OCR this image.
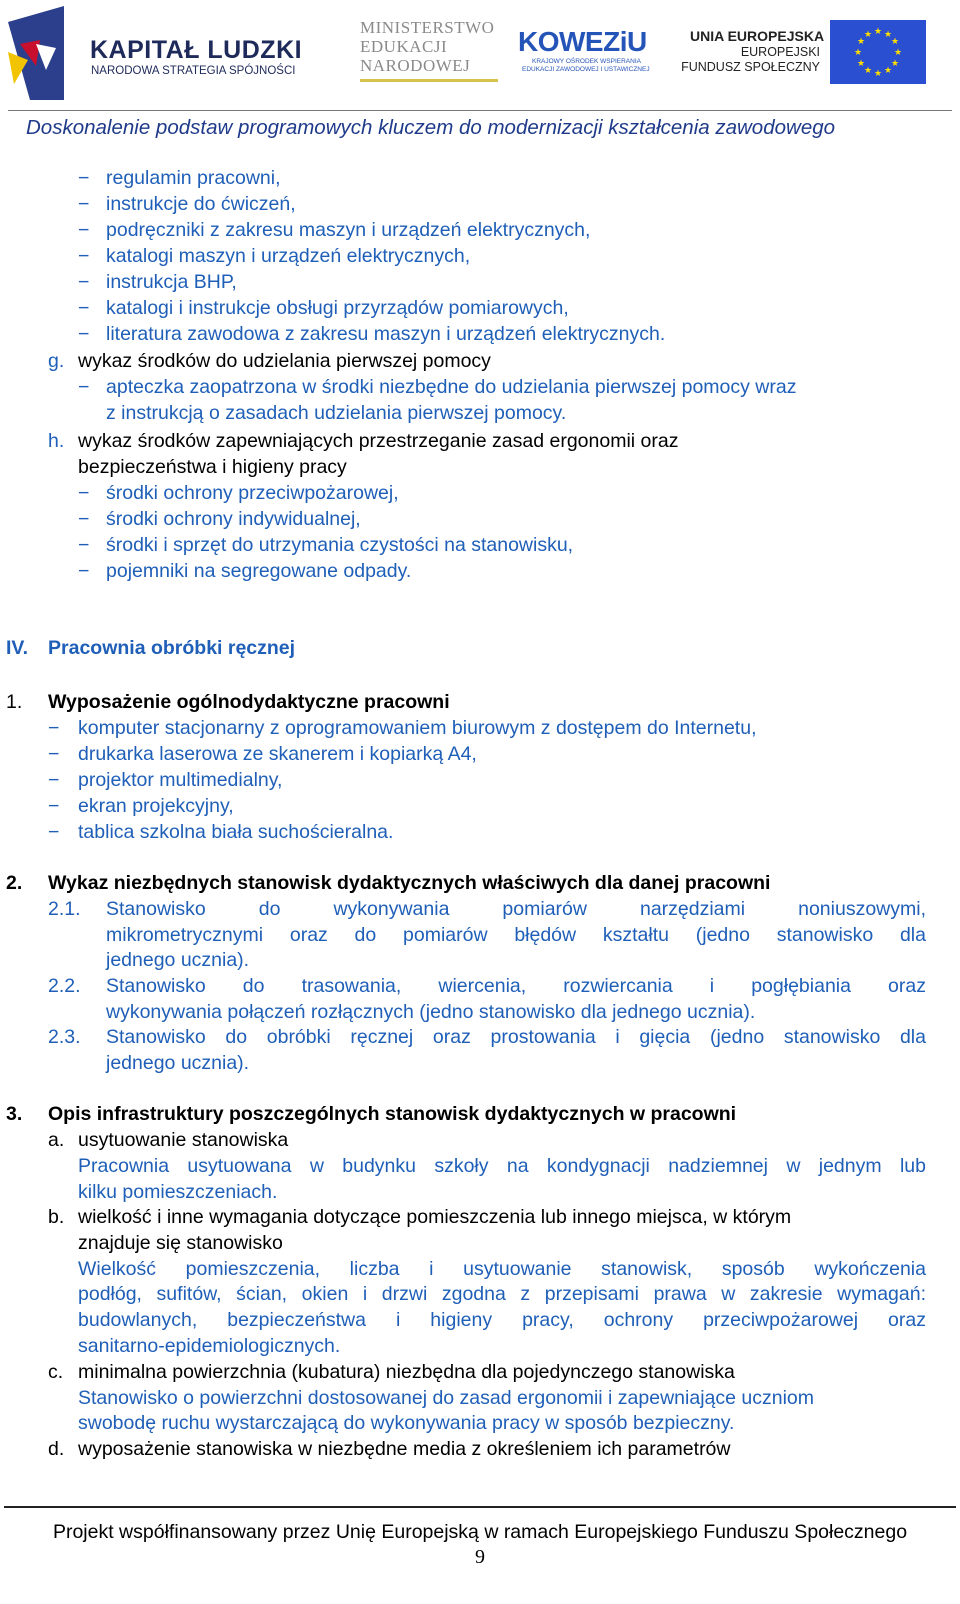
KAPITAŁ LUDZKI
NARODOWA STRATEGIA SPÓJNOŚCI
MINISTERSTWO
EDUKACJI
NARODOWEJ
KOWEZiU
KRAJOWY OŚRODEK WSPIERANIA
EDUKACJI ZAWODOWEJ I USTAWICZNEJ
UNIA EUROPEJSKA
EUROPEJSKI
FUNDUSZ SPOŁECZNY
★ ★
★
★
★
★
★
★
★
★
★
★
Doskonalenie podstaw programowych kluczem do modernizacji kształcenia zawodowego
− regulamin pracowni,
− instrukcje do ćwiczeń,
− podręczniki z zakresu maszyn i urządzeń elektrycznych,
− katalogi maszyn i urządzeń elektrycznych,
− instrukcja BHP,
− katalogi i instrukcje obsługi przyrządów pomiarowych,
− literatura zawodowa z zakresu maszyn i urządzeń elektrycznych.
g. wykaz środków do udzielania pierwszej pomocy
− apteczka zaopatrzona w środki niezbędne do udzielania pierwszej pomocy wraz
z instrukcją o zasadach udzielania pierwszej pomocy.
h. wykaz środków zapewniających przestrzeganie zasad ergonomii oraz
bezpieczeństwa i higieny pracy
− środki ochrony przeciwpożarowej,
− środki ochrony indywidualnej,
− środki i sprzęt do utrzymania czystości na stanowisku,
− pojemniki na segregowane odpady.
IV. Pracownia obróbki ręcznej
1. Wyposażenie ogólnodydaktyczne pracowni
− komputer stacjonarny z oprogramowaniem biurowym z dostępem do Internetu,
− drukarka laserowa ze skanerem i kopiarką A4,
− projektor multimedialny,
− ekran projekcyjny,
− tablica szkolna biała suchościeralna.
2. Wykaz niezbędnych stanowisk dydaktycznych właściwych dla danej pracowni
2.1. Stanowisko do wykonywania pomiarów narzędziami noniuszowymi,
mikrometrycznymi oraz do pomiarów błędów kształtu (jedno stanowisko dla
jednego ucznia).
2.2. Stanowisko do trasowania, wiercenia, rozwiercania i pogłębiania oraz
wykonywania połączeń rozłącznych (jedno stanowisko dla jednego ucznia).
2.3. Stanowisko do obróbki ręcznej oraz prostowania i gięcia (jedno stanowisko dla
jednego ucznia).
3. Opis infrastruktury poszczególnych stanowisk dydaktycznych w pracowni
a. usytuowanie stanowiska
Pracownia usytuowana w budynku szkoły na kondygnacji nadziemnej w jednym lub
kilku pomieszczeniach.
b. wielkość i inne wymagania dotyczące pomieszczenia lub innego miejsca, w którym
znajduje się stanowisko
Wielkość pomieszczenia, liczba i usytuowanie stanowisk, sposób wykończenia
podłóg, sufitów, ścian, okien i drzwi zgodna z przepisami prawa w zakresie wymagań:
budowlanych, bezpieczeństwa i higieny pracy, ochrony przeciwpożarowej oraz
sanitarno-epidemiologicznych.
c. minimalna powierzchnia (kubatura) niezbędna dla pojedynczego stanowiska
Stanowisko o powierzchni dostosowanej do zasad ergonomii i zapewniające uczniom
swobodę ruchu wystarczającą do wykonywania pracy w sposób bezpieczny.
d. wyposażenie stanowiska w niezbędne media z określeniem ich parametrów
Projekt współfinansowany przez Unię Europejską w ramach Europejskiego Funduszu Społecznego
9
